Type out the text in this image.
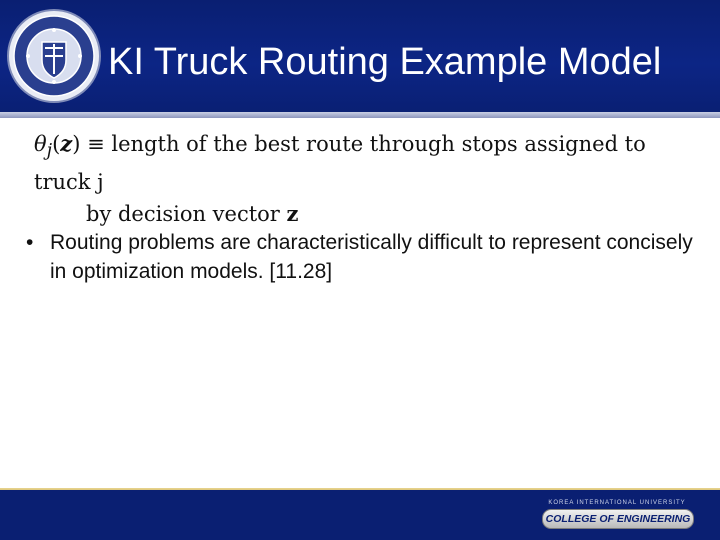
KI Truck Routing Example Model
$\theta_j(z)$ ≡ length of the best route through stops assigned to truck j
by decision vector z
• Routing problems are characteristically difficult to represent concisely in optimization models. [11.28]
KOREA INTERNATIONAL UNIVERSITY
COLLEGE OF ENGINEERING
